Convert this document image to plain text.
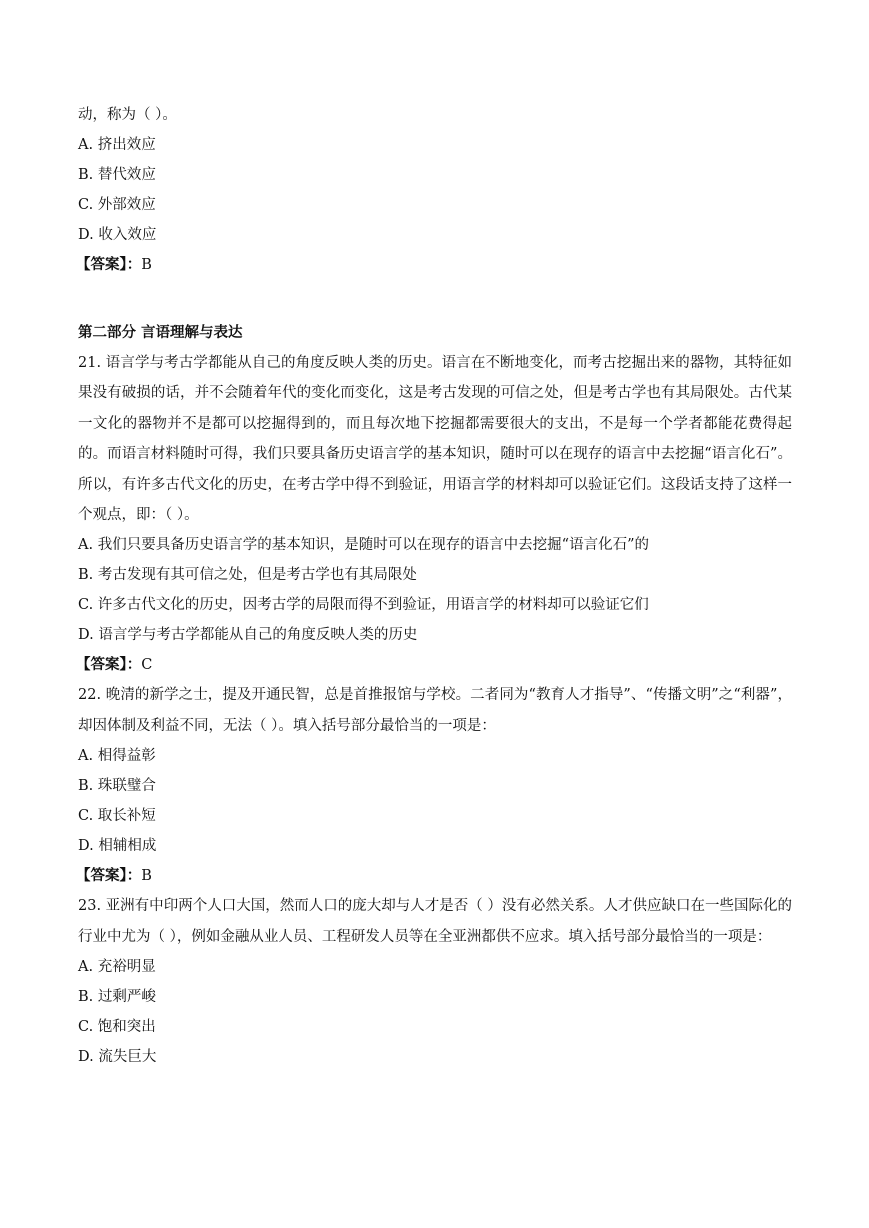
动，称为（ ）。
A. 挤出效应
B. 替代效应
C. 外部效应
D. 收入效应
【答案】：B
第二部分 言语理解与表达
21. 语言学与考古学都能从自己的角度反映人类的历史。语言在不断地变化，而考古挖掘出来的器物，其特征如果没有破损的话，并不会随着年代的变化而变化，这是考古发现的可信之处，但是考古学也有其局限处。古代某一文化的器物并不是都可以挖掘得到的，而且每次地下挖掘都需要很大的支出，不是每一个学者都能花费得起的。而语言材料随时可得，我们只要具备历史语言学的基本知识，随时可以在现存的语言中去挖掘“语言化石”。所以，有许多古代文化的历史，在考古学中得不到验证，用语言学的材料却可以验证它们。这段话支持了这样一个观点，即：（ ）。
A. 我们只要具备历史语言学的基本知识，是随时可以在现存的语言中去挖掘“语言化石”的
B. 考古发现有其可信之处，但是考古学也有其局限处
C. 许多古代文化的历史，因考古学的局限而得不到验证，用语言学的材料却可以验证它们
D. 语言学与考古学都能从自己的角度反映人类的历史
【答案】：C
22. 晚清的新学之士，提及开通民智，总是首推报馆与学校。二者同为“教育人才指导”、“传播文明”之“利器”，却因体制及利益不同，无法（ ）。填入括号部分最恰当的一项是：
A. 相得益彰
B. 珠联璧合
C. 取长补短
D. 相辅相成
【答案】：B
23. 亚洲有中印两个人口大国，然而人口的庞大却与人才是否（ ）没有必然关系。人才供应缺口在一些国际化的行业中尤为（ ），例如金融从业人员、工程研发人员等在全亚洲都供不应求。填入括号部分最恰当的一项是：
A. 充裕明显
B. 过剩严峻
C. 饱和突出
D. 流失巨大
